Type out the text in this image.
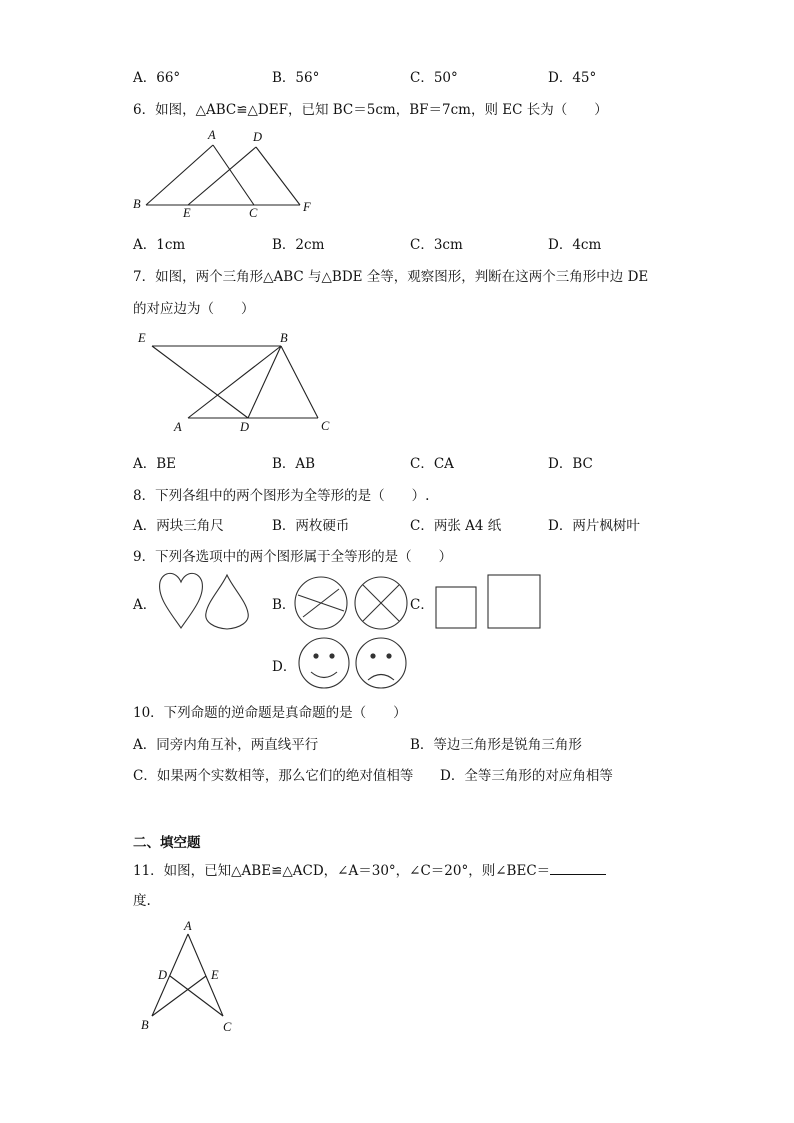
A．66°	B．56°	C．50°	D．45°
6．如图，△ABC≌△DEF，已知 BC＝5cm，BF＝7cm，则 EC 长为（　　）
A	D
B
E	C	F
A．1cm	B．2cm	C．3cm	D．4cm
7．如图，两个三角形△ABC 与△BDE 全等，观察图形，判断在这两个三角形中边 DE
的对应边为（　　）
E	B
A	D	C
A．BE	B．AB	C．CA	D．BC
8．下列各组中的两个图形为全等形的是（　　）.
A．两块三角尺	B．两枚硬币	C．两张 A4 纸	D．两片枫树叶
9．下列各选项中的两个图形属于全等形的是（　　）
A．	B．	C．
D．
10．下列命题的逆命题是真命题的是（　　）
A．同旁内角互补，两直线平行	B．等边三角形是锐角三角形
C．如果两个实数相等，那么它们的绝对值相等 D．全等三角形的对应角相等
二、填空题
11．如图，已知△ABE≌△ACD，∠A＝30°，∠C＝20°，则∠BEC＝
度.
A
D	E
B	C
